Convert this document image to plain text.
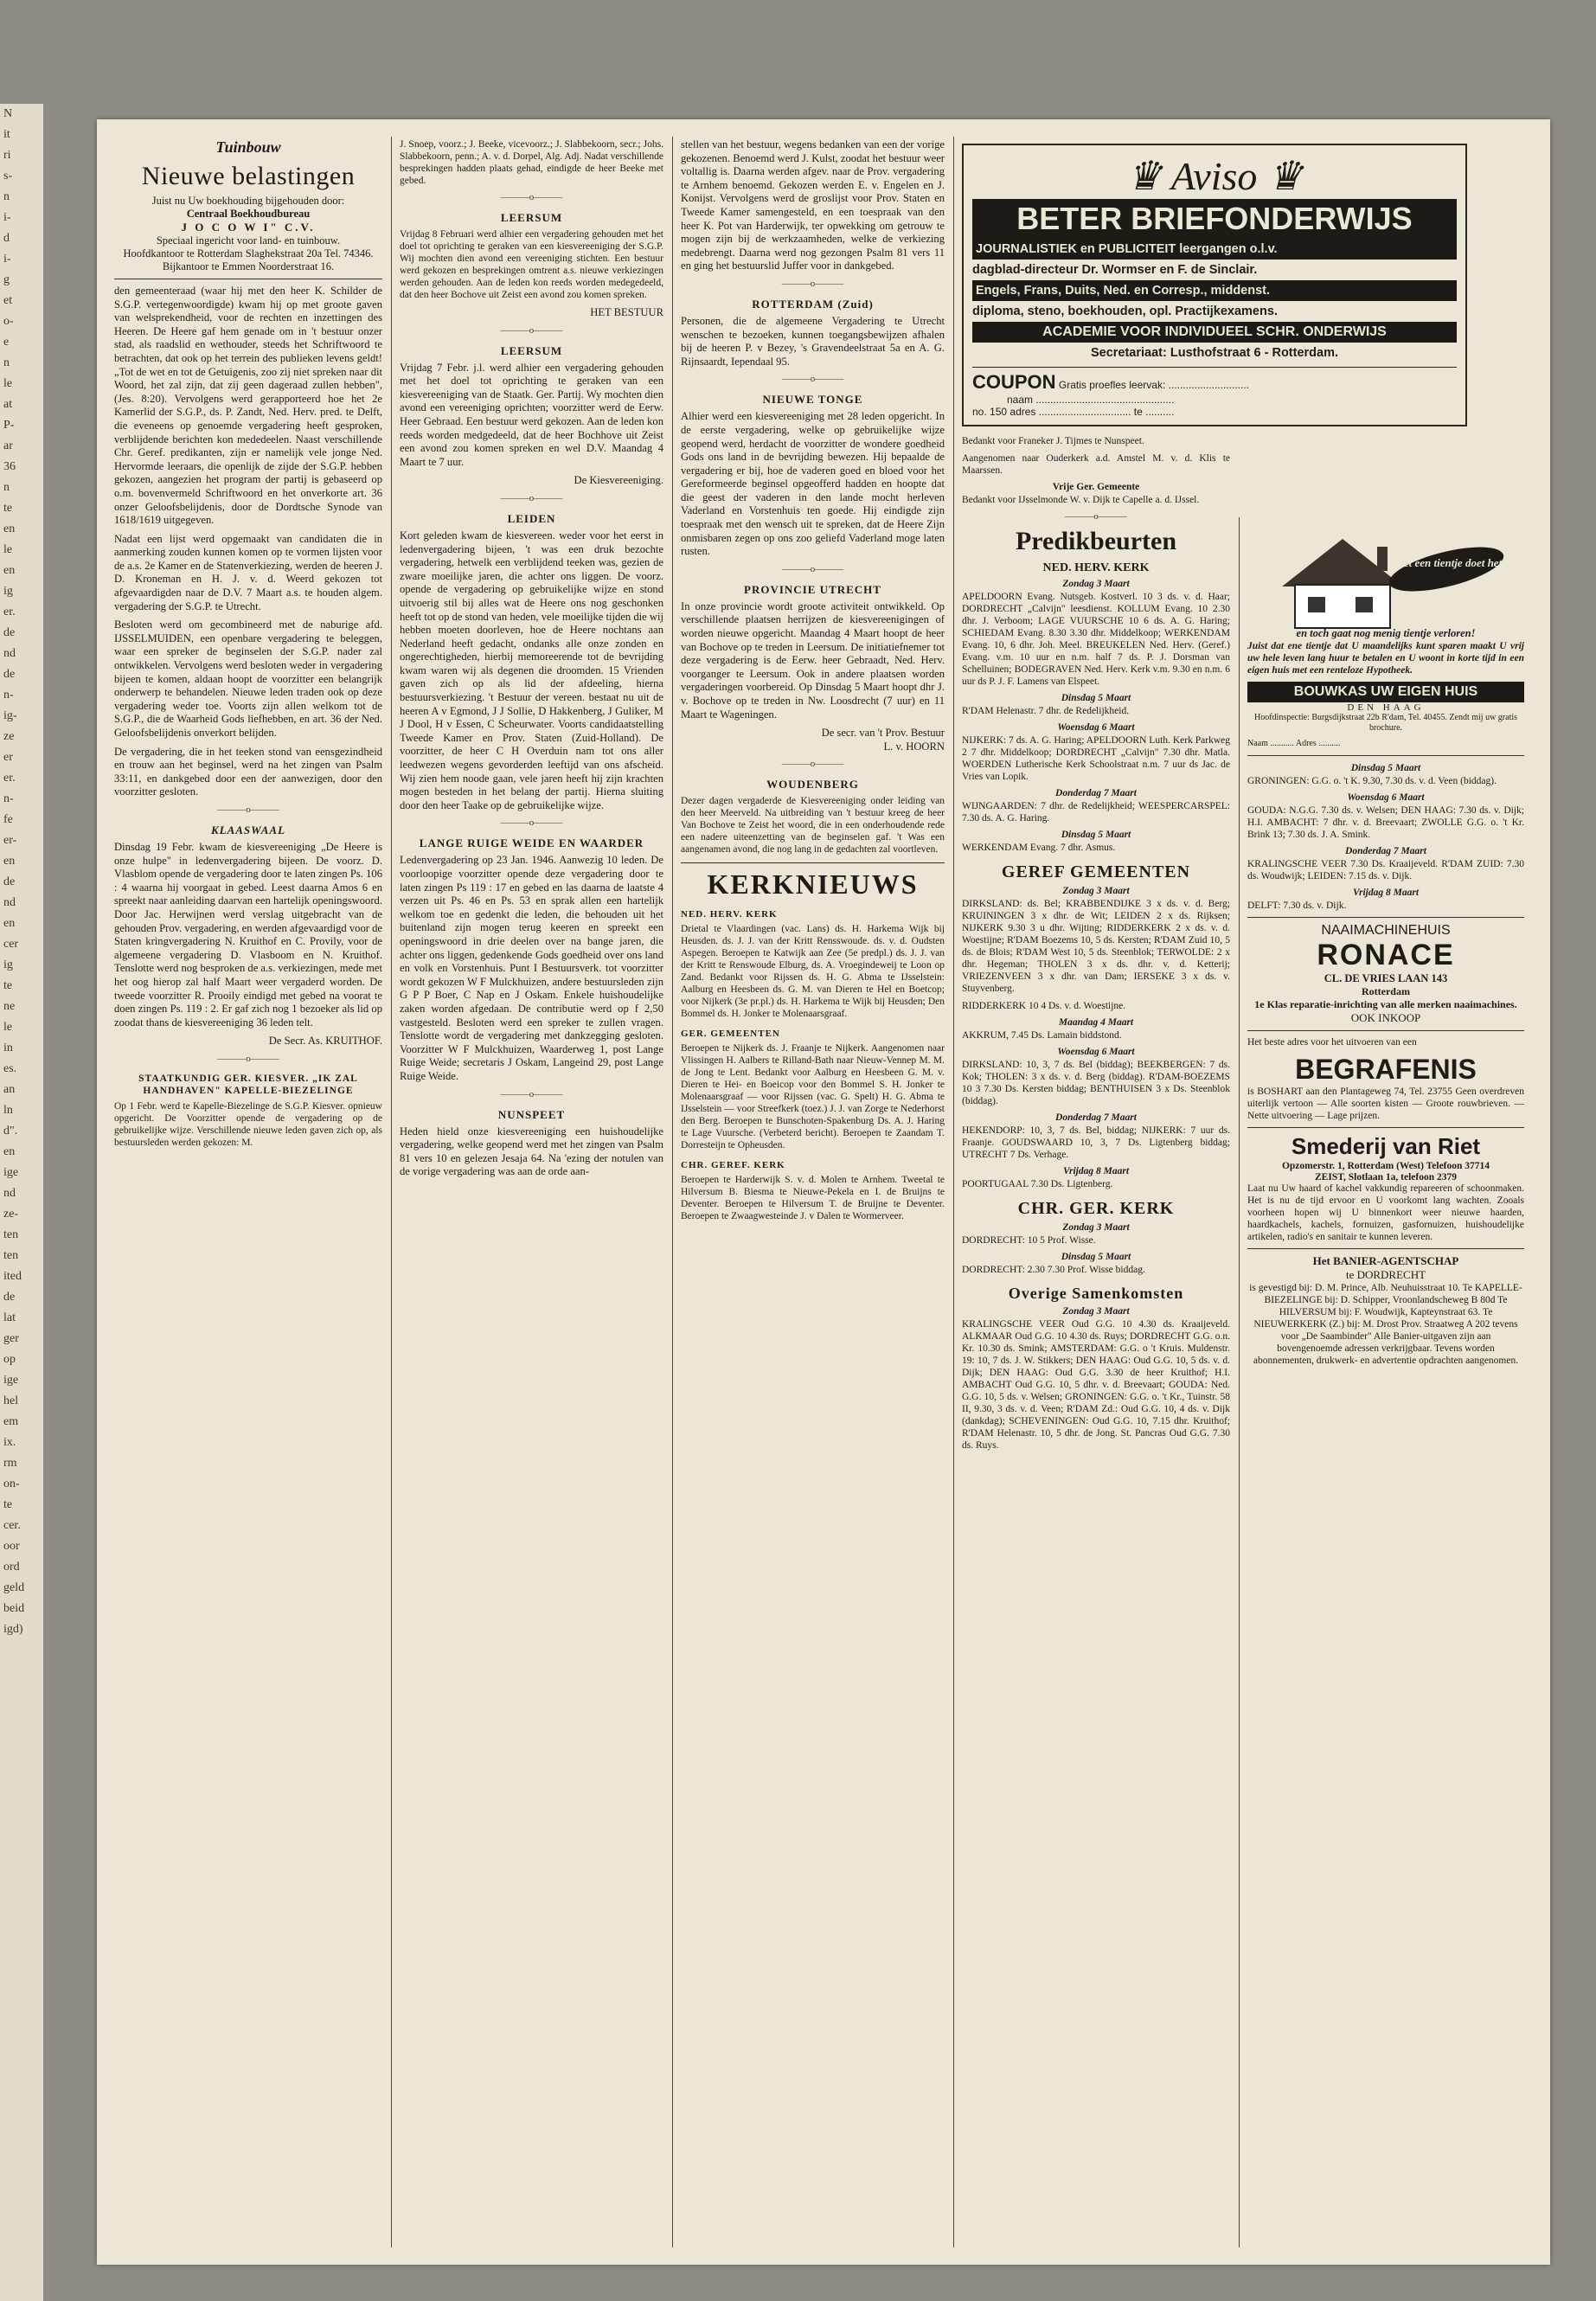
N
it
ri
s-
n
i-
d
i-
g
et
o-
e
n
le
at
P-
ar
36
n
te
en
le
en
ig
er.
de
nd
de
n-
ig-
ze
er
er.
n-
fe
er-
en
de
nd
en
cer
ig
te
ne
le
in
es.
an
ln
d".
en
ige
nd
ze-
ten
ten
ited
de
lat
ger
op
ige
hel
em
ix.
rm
on-
te
cer.
oor
ord
geld
beid
igd)
Tuinbouw
Nieuwe belastingen
Juist nu Uw boekhouding bijgehouden door:
Centraal Boekhoudbureau
J O C O W I" C.V.
Speciaal ingericht voor land- en tuinbouw.
Hoofdkantoor te Rotterdam Slaghekstraat 20a Tel. 74346.
Bijkantoor te Emmen Noorderstraat 16.

den gemeenteraad (waar hij met den heer K. Schilder de S.G.P. vertegenwoordigde) kwam hij op met groote gaven van welsprekendheid, voor de rechten en inzettingen des Heeren. De Heere gaf hem genade om in 't bestuur onzer stad, als raadslid en wethouder, steeds het Schriftwoord te betrachten, dat ook op het terrein des publieken levens geldt! „Tot de wet en tot de Getuigenis, zoo zij niet spreken naar dit Woord, het zal zijn, dat zij geen dageraad zullen hebben", (Jes. 8:20). Vervolgens werd gerapporteerd hoe het 2e Kamerlid der S.G.P., ds. P. Zandt, Ned. Herv. pred. te Delft, die eveneens op genoemde vergadering heeft gesproken, verblijdende berichten kon mededeelen. Naast verschillende Chr. Geref. predikanten, zijn er namelijk vele jonge Ned. Hervormde leeraars, die openlijk de zijde der S.G.P. hebben gekozen, aangezien het program der partij is gebaseerd op o.m. bovenvermeld Schriftwoord en het onverkorte art. 36 onzer Geloofsbelijdenis, door de Dordtsche Synode van 1618/1619 uitgegeven.

Nadat een lijst werd opgemaakt van candidaten die in aanmerking zouden kunnen komen op te vormen lijsten voor de a.s. 2e Kamer en de Statenverkiezing, werden de heeren J. D. Kroneman en H. J. v. d. Weerd gekozen tot afgevaardigden naar de D.V. 7 Maart a.s. te houden algem. vergadering der S.G.P. te Utrecht.

Besloten werd om gecombineerd met de naburige afd. IJSSELMUIDEN, een openbare vergadering te beleggen, waar een spreker de beginselen der S.G.P. nader zal ontwikkelen. Vervolgens werd besloten weder in vergadering bijeen te komen, aldaan hoopt de voorzitter een belangrijk onderwerp te behandelen. Nieuwe leden traden ook op deze vergadering weder toe. Voorts zijn allen welkom tot de S.G.P., die de Waarheid Gods liefhebben, en art. 36 der Ned. Geloofsbelijdenis onverkort belijden.

De vergadering, die in het teeken stond van eensgezindheid en trouw aan het beginsel, werd na het zingen van Psalm 33:11, en dankgebed door een der aanwezigen, door den voorzitter gesloten.

———o———
KLAASWAAL

Dinsdag 19 Febr. kwam de kiesvereeniging „De Heere is onze hulpe" in ledenvergadering bijeen. De voorz. D. Vlasblom opende de vergadering door te laten zingen Ps. 106 : 4 waarna hij voorgaat in gebed. Leest daarna Amos 6 en spreekt naar aanleiding daarvan een hartelijk openingswoord. Door Jac. Herwijnen werd verslag uitgebracht van de gehouden Prov. vergadering, en werden afgevaardigd voor de Staten kringvergadering N. Kruithof en C. Provily, voor de algemeene vergadering D. Vlasboom en N. Kruithof. Tenslotte werd nog besproken de a.s. verkiezingen, mede met het oog hierop zal half Maart weer vergaderd worden. De tweede voorzitter R. Prooily eindigd met gebed na voorat te doen zingen Ps. 119 : 2. Er gaf zich nog 1 bezoeker als lid op zoodat thans de kiesvereeniging 36 leden telt.

De Secr. As. KRUITHOF.

———o———
STAATKUNDIG GER. KIESVER. „IK ZAL HANDHAVEN" KAPELLE-BIEZELINGE

Op 1 Febr. werd te Kapelle-Biezelinge de S.G.P. Kiesver. opnieuw opgericht. De Voorzitter opende de vergadering op de gebruikelijke wijze. Verschillende nieuwe leden gaven zich op, als bestuursleden werden gekozen: M.

J. Snoep, voorz.; J. Beeke, vicevoorz.; J. Slabbekoorn, secr.; Johs. Slabbekoorn, penn.; A. v. d. Dorpel, Alg. Adj. Nadat verschillende besprekingen hadden plaats gehad, eindigde de heer Beeke met gebed.

———o———
LEERSUM

Vrijdag 8 Februari werd alhier een vergadering gehouden met het doel tot oprichting te geraken van een kiesvereeniging der S.G.P. Wij mochten dien avond een vereeniging stichten. Een bestuur werd gekozen en besprekingen omtrent a.s. nieuwe verkiezingen werden gehouden. Aan de leden kon reeds worden medegedeeld, dat den heer Bochove uit Zeist een avond zou komen spreken.

HET BESTUUR

———o———
LEERSUM

Vrijdag 7 Febr. j.l. werd alhier een vergadering gehouden met het doel tot oprichting te geraken van een kiesvereeniging van de Staatk. Ger. Partij. Wy mochten dien avond een vereeniging oprichten; voorzitter werd de Eerw. Heer Gebraad. Een bestuur werd gekozen. Aan de leden kon reeds worden medgedeeld, dat de heer Bochhove uit Zeist een avond zou komen spreken en wel D.V. Maandag 4 Maart te 7 uur.

De Kiesvereeniging.

———o———
LEIDEN

Kort geleden kwam de kiesvereen. weder voor het eerst in ledenvergadering bijeen, 't was een druk bezochte vergadering, hetwelk een verblijdend teeken was, gezien de zware moeilijke jaren, die achter ons liggen. De voorz. opende de vergadering op gebruikelijke wijze en stond uitvoerig stil bij alles wat de Heere ons nog geschonken heeft tot op de stond van heden, vele moeilijke tijden die wij hebben moeten doorleven, hoe de Heere nochtans aan Nederland heeft gedacht, ondanks alle onze zonden en ongerechtigheden, hierbij memoreerende tot de bevrijding kwam waren wij als degenen die droomden. 15 Vrienden gaven zich op als lid der afdeeling, hierna bestuursverkiezing. 't Bestuur der vereen. bestaat nu uit de heeren A v Egmond, J J Sollie, D Hakkenberg, J Guliker, M J Dool, H v Essen, C Scheurwater. Voorts candidaatstelling Tweede Kamer en Prov. Staten (Zuid-Holland). De voorzitter, de heer C H Overduin nam tot ons aller leedwezen wegens gevorderden leeftijd van ons afscheid. Wij zien hem noode gaan, vele jaren heeft hij zijn krachten mogen besteden in het belang der partij. Hierna sluiting door den heer Taake op de gebruikelijke wijze.

———o———
LANGE RUIGE WEIDE EN WAARDER

Ledenvergadering op 23 Jan. 1946. Aanwezig 10 leden. De voorloopige voorzitter opende deze vergadering door te laten zingen Ps 119 : 17 en gebed en las daarna de laatste 4 verzen uit Ps. 46 en Ps. 53 en sprak allen een hartelijk welkom toe en gedenkt die leden, die behouden uit het buitenland zijn mogen terug keeren en spreekt een openingswoord in drie deelen over na bange jaren, die achter ons liggen, gedenkende Gods goedheid over ons land en volk en Vorstenhuis. Punt I Bestuursverk. tot voorzitter wordt gekozen W F Mulckhuizen, andere bestuursleden zijn G P P Boer, C Nap en J Oskam. Enkele huishoudelijke zaken worden afgedaan. De contributie werd op f 2,50 vastgesteld. Besloten werd een spreker te zullen vragen. Tenslotte wordt de vergadering met dankzegging gesloten. Voorzitter W F Mulckhuizen, Waarderweg 1, post Lange Ruige Weide; secretaris J Oskam, Langeind 29, post Lange Ruige Weide.

———o———
NUNSPEET

Heden hield onze kiesvereeniging een huishoudelijke vergadering, welke geopend werd met het zingen van Psalm 81 vers 10 en gelezen Jesaja 64. Na 'ezing der notulen van de vorige vergadering was aan de orde aan-

stellen van het bestuur, wegens bedanken van een der vorige gekozenen. Benoemd werd J. Kulst, zoodat het bestuur weer voltallig is. Daarna werden afgev. naar de Prov. vergadering te Arnhem benoemd. Gekozen werden E. v. Engelen en J. Konijst. Vervolgens werd de groslijst voor Prov. Staten en Tweede Kamer samengesteld, en een toespraak van den heer K. Pot van Harderwijk, ter opwekking om getrouw te mogen zijn bij de werkzaamheden, welke de verkiezing medebrengt. Daarna werd nog gezongen Psalm 81 vers 11 en ging het bestuurslid Juffer voor in dankgebed.

———o———
ROTTERDAM (Zuid)

Personen, die de algemeene Vergadering te Utrecht wenschen te bezoeken, kunnen toegangsbewijzen afhalen bij de heeren P. v Bezey, 's Gravendeelstraat 5a en A. G. Rijnsaardt, Iependaal 95.

———o———
NIEUWE TONGE

Alhier werd een kiesvereeniging met 28 leden opgericht. In de eerste vergadering, welke op gebruikelijke wijze geopend werd, herdacht de voorzitter de wondere goedheid Gods ons land in de bevrijding bewezen. Hij bepaalde de vergadering er bij, hoe de vaderen goed en bloed voor het Gereformeerde beginsel opgeofferd hadden en hoopte dat die geest der vaderen in den lande mocht herleven Vaderland en Vorstenhuis ten goede. Hij eindigde zijn toespraak met den wensch uit te spreken, dat de Heere Zijn onmisbaren zegen op ons zoo geliefd Vaderland moge laten rusten.

———o———
PROVINCIE UTRECHT

In onze provincie wordt groote activiteit ontwikkeld. Op verschillende plaatsen herrijzen de kiesvereenigingen of worden nieuwe opgericht. Maandag 4 Maart hoopt de heer van Bochove op te treden in Leersum. De initiatiefnemer tot deze vergadering is de Eerw. heer Gebraadt, Ned. Herv. voorganger te Leersum. Ook in andere plaatsen worden vergaderingen voorbereid. Op Dinsdag 5 Maart hoopt dhr J. v. Bochove op te treden in Nw. Loosdrecht (7 uur) en 11 Maart te Wageningen.

De secr. van 't Prov. Bestuur

L. v. HOORN

———o———
WOUDENBERG

Dezer dagen vergaderde de Kiesvereeniging onder leiding van den heer Meerveld. Na uitbreiding van 't bestuur kreeg de heer Van Bochove te Zeist het woord, die in een onderhoudende rede een nadere uiteenzetting van de beginselen gaf. 't Was een aangenamen avond, die nog lang in de gedachten zal voortleven.

KERKNIEUWS
NED. HERV. KERK

Drietal te Vlaardingen (vac. Lans) ds. H. Harkema Wijk bij Heusden. ds. J. J. van der Kritt Rensswoude. ds. v. d. Oudsten Aspegen. Beroepen te Katwijk aan Zee (5e predpl.) ds. J. J. van der Kritt te Renswoude Elburg, ds. A. Vroegindeweij te Loon op Zand. Bedankt voor Rijssen ds. H. G. Abma te IJsselstein: Aalburg en Heesbeen ds. G. M. van Dieren te Hel en Boetcop; voor Nijkerk (3e pr.pl.) ds. H. Harkema te Wijk bij Heusden; Den Bommel ds. H. Jonker te Molenaarsgraaf.

GER. GEMEENTEN

Beroepen te Nijkerk ds. J. Fraanje te Nijkerk. Aangenomen naar Vlissingen H. Aalbers te Rilland-Bath naar Nieuw-Vennep M. M. de Jong te Lent. Bedankt voor Aalburg en Heesbeen G. M. v. Dieren te Hei- en Boeicop voor den Bommel S. H. Jonker te Molenaarsgraaf — voor Rijssen (vac. G. Spelt) H. G. Abma te IJsselstein — voor Streefkerk (toez.) J. J. van Zorge te Nederhorst den Berg. Beroepen te Bunschoten-Spakenburg Ds. A. J. Haring te Lage Vuursche. (Verbeterd bericht). Beroepen te Zaandam T. Dorresteijn te Opheusden.

CHR. GEREF. KERK

Beroepen te Harderwijk S. v. d. Molen te Arnhem. Tweetal te Hilversum B. Biesma te Nieuwe-Pekela en I. de Bruijns te Deventer. Beroepen te Hilversum T. de Bruijne te Deventer. Beroepen te Zwaagwesteinde J. v Dalen te Wormerveer.

♛ Aviso ♛
BETER BRIEFONDERWIJS
JOURNALISTIEK en PUBLICITEIT leergangen o.l.v.
dagblad-directeur Dr. Wormser en F. de Sinclair.
Engels, Frans, Duits, Ned. en Corresp., middenst.
diploma, steno, boekhouden, opl. Practijkexamens.
ACADEMIE VOOR INDIVIDUEEL SCHR. ONDERWIJS
Secretariaat: Lusthofstraat 6 - Rotterdam.
COUPON Gratis proefles leervak: ............................
naam ................................................
no. 150 adres ................................ te ..........

Bedankt voor Franeker J. Tijmes te Nunspeet.

Aangenomen naar Ouderkerk a.d. Amstel M. v. d. Klis te Maarssen.

Vrije Ger. Gemeente

Bedankt voor IJsselmonde W. v. Dijk te Capelle a. d. IJssel.

———o———
Predikbeurten
NED. HERV. KERK
Zondag 3 Maart

APELDOORN Evang. Nutsgeb. Kostverl. 10 3 ds. v. d. Haar; DORDRECHT „Calvijn" leesdienst. KOLLUM Evang. 10 2.30 dhr. J. Verboom; LAGE VUURSCHE 10 6 ds. A. G. Haring; SCHIEDAM Evang. 8.30 3.30 dhr. Middelkoop; WERKENDAM Evang. 10, 6 dhr. Joh. Meel. BREUKELEN Ned. Herv. (Geref.) Evang. v.m. 10 uur en n.m. half 7 ds. P. J. Dorsman van Schelluinen; BODEGRAVEN Ned. Herv. Kerk v.m. 9.30 en n.m. 6 uur ds P. J. F. Lamens van Elspeet.

Dinsdag 5 Maart

R'DAM Helenastr. 7 dhr. de Redelijkheid.

Woensdag 6 Maart

NIJKERK: 7 ds. A. G. Haring; APELDOORN Luth. Kerk Parkweg 2 7 dhr. Middelkoop; DORDRECHT „Calvijn" 7.30 dhr. Matla. WOERDEN Lutherische Kerk Schoolstraat n.m. 7 uur ds Jac. de Vries van Lopik.

Donderdag 7 Maart

WIJNGAARDEN: 7 dhr. de Redelijkheid; WEESPERCARSPEL: 7.30 ds. A. G. Haring.

Dinsdag 5 Maart

WERKENDAM Evang. 7 dhr. Asmus.

GEREF GEMEENTEN
Zondag 3 Maart

DIRKSLAND: ds. Bel; KRABBENDIJKE 3 x ds. v. d. Berg; KRUININGEN 3 x dhr. de Wit; LEIDEN 2 x ds. Rijksen; NIJKERK 9.30 3 u dhr. Wijting; RIDDERKERK 2 x ds. v. d. Woestijne; R'DAM Boezems 10, 5 ds. Kersten; R'DAM Zuid 10, 5 ds. de Blois; R'DAM West 10, 5 ds. Steenblok; TERWOLDE: 2 x dhr. Hegeman; THOLEN 3 x ds. dhr. v. d. Ketterij; VRIEZENVEEN 3 x dhr. van Dam; IERSEKE 3 x ds. v. Stuyvenberg.

RIDDERKERK 10 4 Ds. v. d. Woestijne.

Maandag 4 Maart

AKKRUM, 7.45 Ds. Lamain biddstond.

Woensdag 6 Maart

DIRKSLAND: 10, 3, 7 ds. Bel (biddag); BEEKBERGEN: 7 ds. Kok; THOLEN: 3 x ds. v. d. Berg (biddag). R'DAM-BOEZEMS 10 3 7.30 Ds. Kersten biddag; BENTHUISEN 3 x Ds. Steenblok (biddag).

Donderdag 7 Maart

HEKENDORP: 10, 3, 7 ds. Bel, biddag; NIJKERK: 7 uur ds. Fraanje. GOUDSWAARD 10, 3, 7 Ds. Ligtenberg biddag; UTRECHT 7 Ds. Verhage.

Vrijdag 8 Maart

POORTUGAAL 7.30 Ds. Ligtenberg.

CHR. GER. KERK
Zondag 3 Maart

DORDRECHT: 10 5 Prof. Wisse.

Dinsdag 5 Maart

DORDRECHT: 2.30 7.30 Prof. Wisse biddag.

Overige Samenkomsten
Zondag 3 Maart

KRALINGSCHE VEER Oud G.G. 10 4.30 ds. Kraaijeveld. ALKMAAR Oud G.G. 10 4.30 ds. Ruys; DORDRECHT G.G. o.n. Kr. 10.30 ds. Smink; AMSTERDAM: G.G. o 't Kruis. Muldenstr. 19: 10, 7 ds. J. W. Stikkers; DEN HAAG: Oud G.G. 10, 5 ds. v. d. Dijk; DEN HAAG: Oud G.G. 3.30 de heer Kruithof; H.I. AMBACHT Oud G.G. 10, 5 dhr. v. d. Breevaart; GOUDA: Ned. G.G. 10, 5 ds. v. Welsen; GRONINGEN: G.G. o. 't Kr., Tuinstr. 58 II, 9.30, 3 ds. v. d. Veen; R'DAM Zd.: Oud G.G. 10, 4 ds. v. Dijk (dankdag); SCHEVENINGEN: Oud G.G. 10, 7.15 dhr. Kruithof; R'DAM Helenastr. 10, 5 dhr. de Jong. St. Pancras Oud G.G. 7.30 ds. Ruys.

Het een tientje doet het!
en toch gaat nog menig tientje verloren!

Juist dat ene tientje dat U maandelijks kunt sparen maakt U vrij uw hele leven lang huur te betalen en U woont in korte tijd in een eigen huis met een renteloze Hypotheek.

BOUWKAS UW EIGEN HUIS
DEN HAAG

Hoofdinspectie: Burgsdijkstraat 22b R'dam, Tel. 40455. Zendt mij uw gratis brochure.

Naam ........... Adres ..........
Dinsdag 5 Maart

GRONINGEN: G.G. o. 't K. 9.30, 7.30 ds. v. d. Veen (biddag).

Woensdag 6 Maart

GOUDA: N.G.G. 7.30 ds. v. Welsen; DEN HAAG: 7.30 ds. v. Dijk; H.I. AMBACHT: 7 dhr. v. d. Breevaart; ZWOLLE G.G. o. 't Kr. Brink 13; 7.30 ds. J. A. Smink.

Donderdag 7 Maart

KRALINGSCHE VEER 7.30 Ds. Kraaijeveld. R'DAM ZUID: 7.30 ds. Woudwijk; LEIDEN: 7.15 ds. v. Dijk.

Vrijdag 8 Maart

DELFT: 7.30 ds. v. Dijk.

NAAIMACHINEHUIS
RONACE
CL. DE VRIES LAAN 143
Rotterdam
1e Klas reparatie-inrichting van alle merken naaimachines.
OOK INKOOP

Het beste adres voor het uitvoeren van een

BEGRAFENIS

is BOSHART aan den Plantageweg 74, Tel. 23755 Geen overdreven uiterlijk vertoon — Alle soorten kisten — Groote rouwbrieven. — Nette uitvoering — Lage prijzen.

Smederij van Riet
Opzomerstr. 1, Rotterdam (West) Telefoon 37714
ZEIST, Slotlaan 1a, telefoon 2379

Laat nu Uw haard of kachel vakkundig repareeren of schoonmaken. Het is nu de tijd ervoor en U voorkomt lang wachten. Zooals voorheen hopen wij U binnenkort weer nieuwe haarden, haardkachels, kachels, fornuizen, gasfornuizen, huishoudelijke artikelen, radio's en sanitair te kunnen leveren.

Het BANIER-AGENTSCHAP
te DORDRECHT

is gevestigd bij: D. M. Prince, Alb. Neuhuisstraat 10. Te KAPELLE-BIEZELINGE bij: D. Schipper, Vroonlandscheweg B 80d Te HILVERSUM bij: F. Woudwijk, Kapteynstraat 63. Te NIEUWERKERK (Z.) bij: M. Drost Prov. Straatweg A 202 tevens voor „De Saambinder" Alle Banier-uitgaven zijn aan bovengenoemde adressen verkrijgbaar. Tevens worden abonnementen, drukwerk- en advertentie opdrachten aangenomen.
